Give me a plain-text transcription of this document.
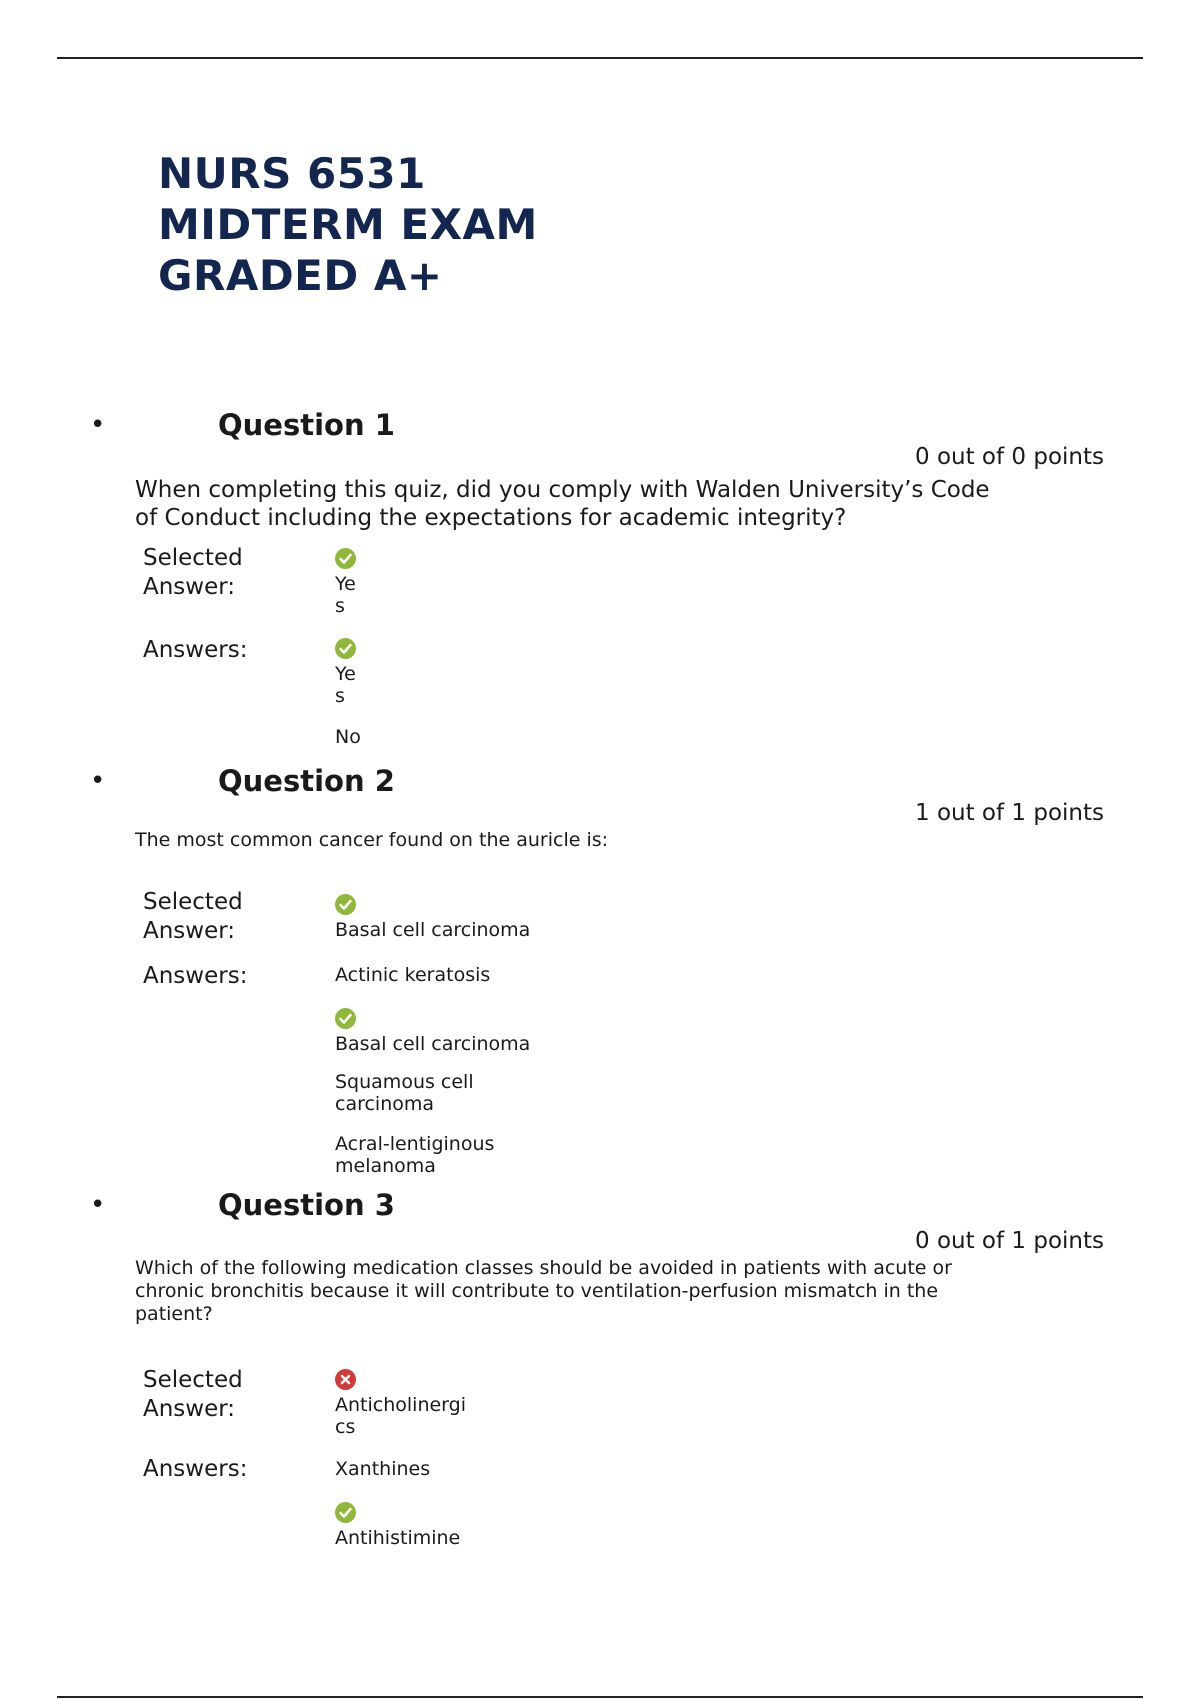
NURS 6531
MIDTERM EXAM
GRADED A+
•	Question 1
0 out of 0 points
When completing this quiz, did you comply with Walden University’s Code
of Conduct including the expectations for academic integrity?
Selected
Answer:	Ye
s
Answers:
Ye
s
No
•	Question 2
1 out of 1 points
The most common cancer found on the auricle is:
Selected
Answer:	Basal cell carcinoma
Answers:	Actinic keratosis
Basal cell carcinoma
Squamous cell
carcinoma
Acral-lentiginous
melanoma
•	Question 3
0 out of 1 points
Which of the following medication classes should be avoided in patients with acute or
chronic bronchitis because it will contribute to ventilation-perfusion mismatch in the
patient?
Selected
Answer:	Anticholinergi
cs
Answers:	Xanthines
Antihistimine
